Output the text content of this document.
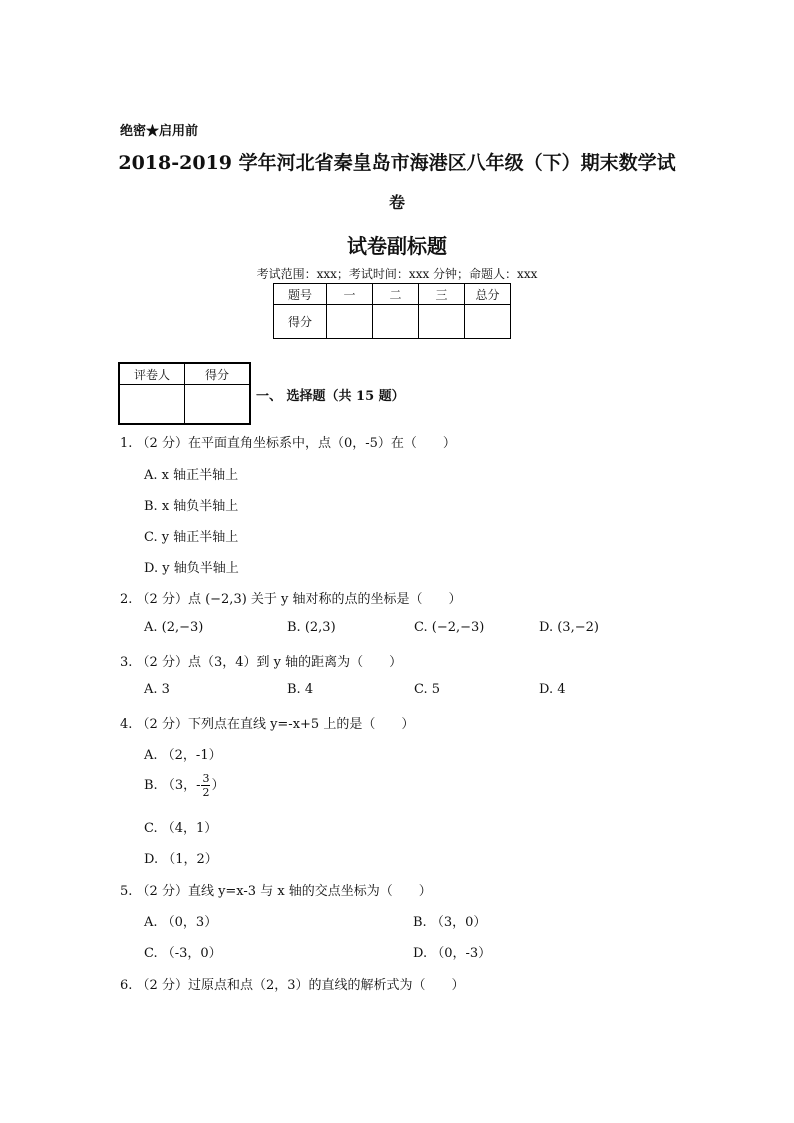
绝密★启用前
2018-2019 学年河北省秦皇岛市海港区八年级（下）期末数学试
卷
试卷副标题
考试范围：xxx；考试时间：xxx 分钟；命题人：xxx
题号	一	二	三	总分
得分				
评卷人	得分

一、 选择题（共 15 题）
1. （2 分）在平面直角坐标系中，点（0，-5）在（　　）
A. x 轴正半轴上
B. x 轴负半轴上
C. y 轴正半轴上
D. y 轴负半轴上
2. （2 分）点 (−2,3) 关于 y 轴对称的点的坐标是（　　）
A. (2,−3)	B. (2,3)	C. (−2,−3)	D. (3,−2)
3. （2 分）点（3，4）到 y 轴的距离为（　　）
A. 3	B. 4	C. 5	D. 4
4. （2 分）下列点在直线 y=-x+5 上的是（　　）
A. （2，-1）
B. （3，- $\frac{3}{2}$ ）
C. （4，1）
D. （1，2）
5. （2 分）直线 y=x-3 与 x 轴的交点坐标为（　　）
A. （0，3）	B. （3，0）
C. （-3，0）	D. （0，-3）
6. （2 分）过原点和点（2，3）的直线的解析式为（　　）
